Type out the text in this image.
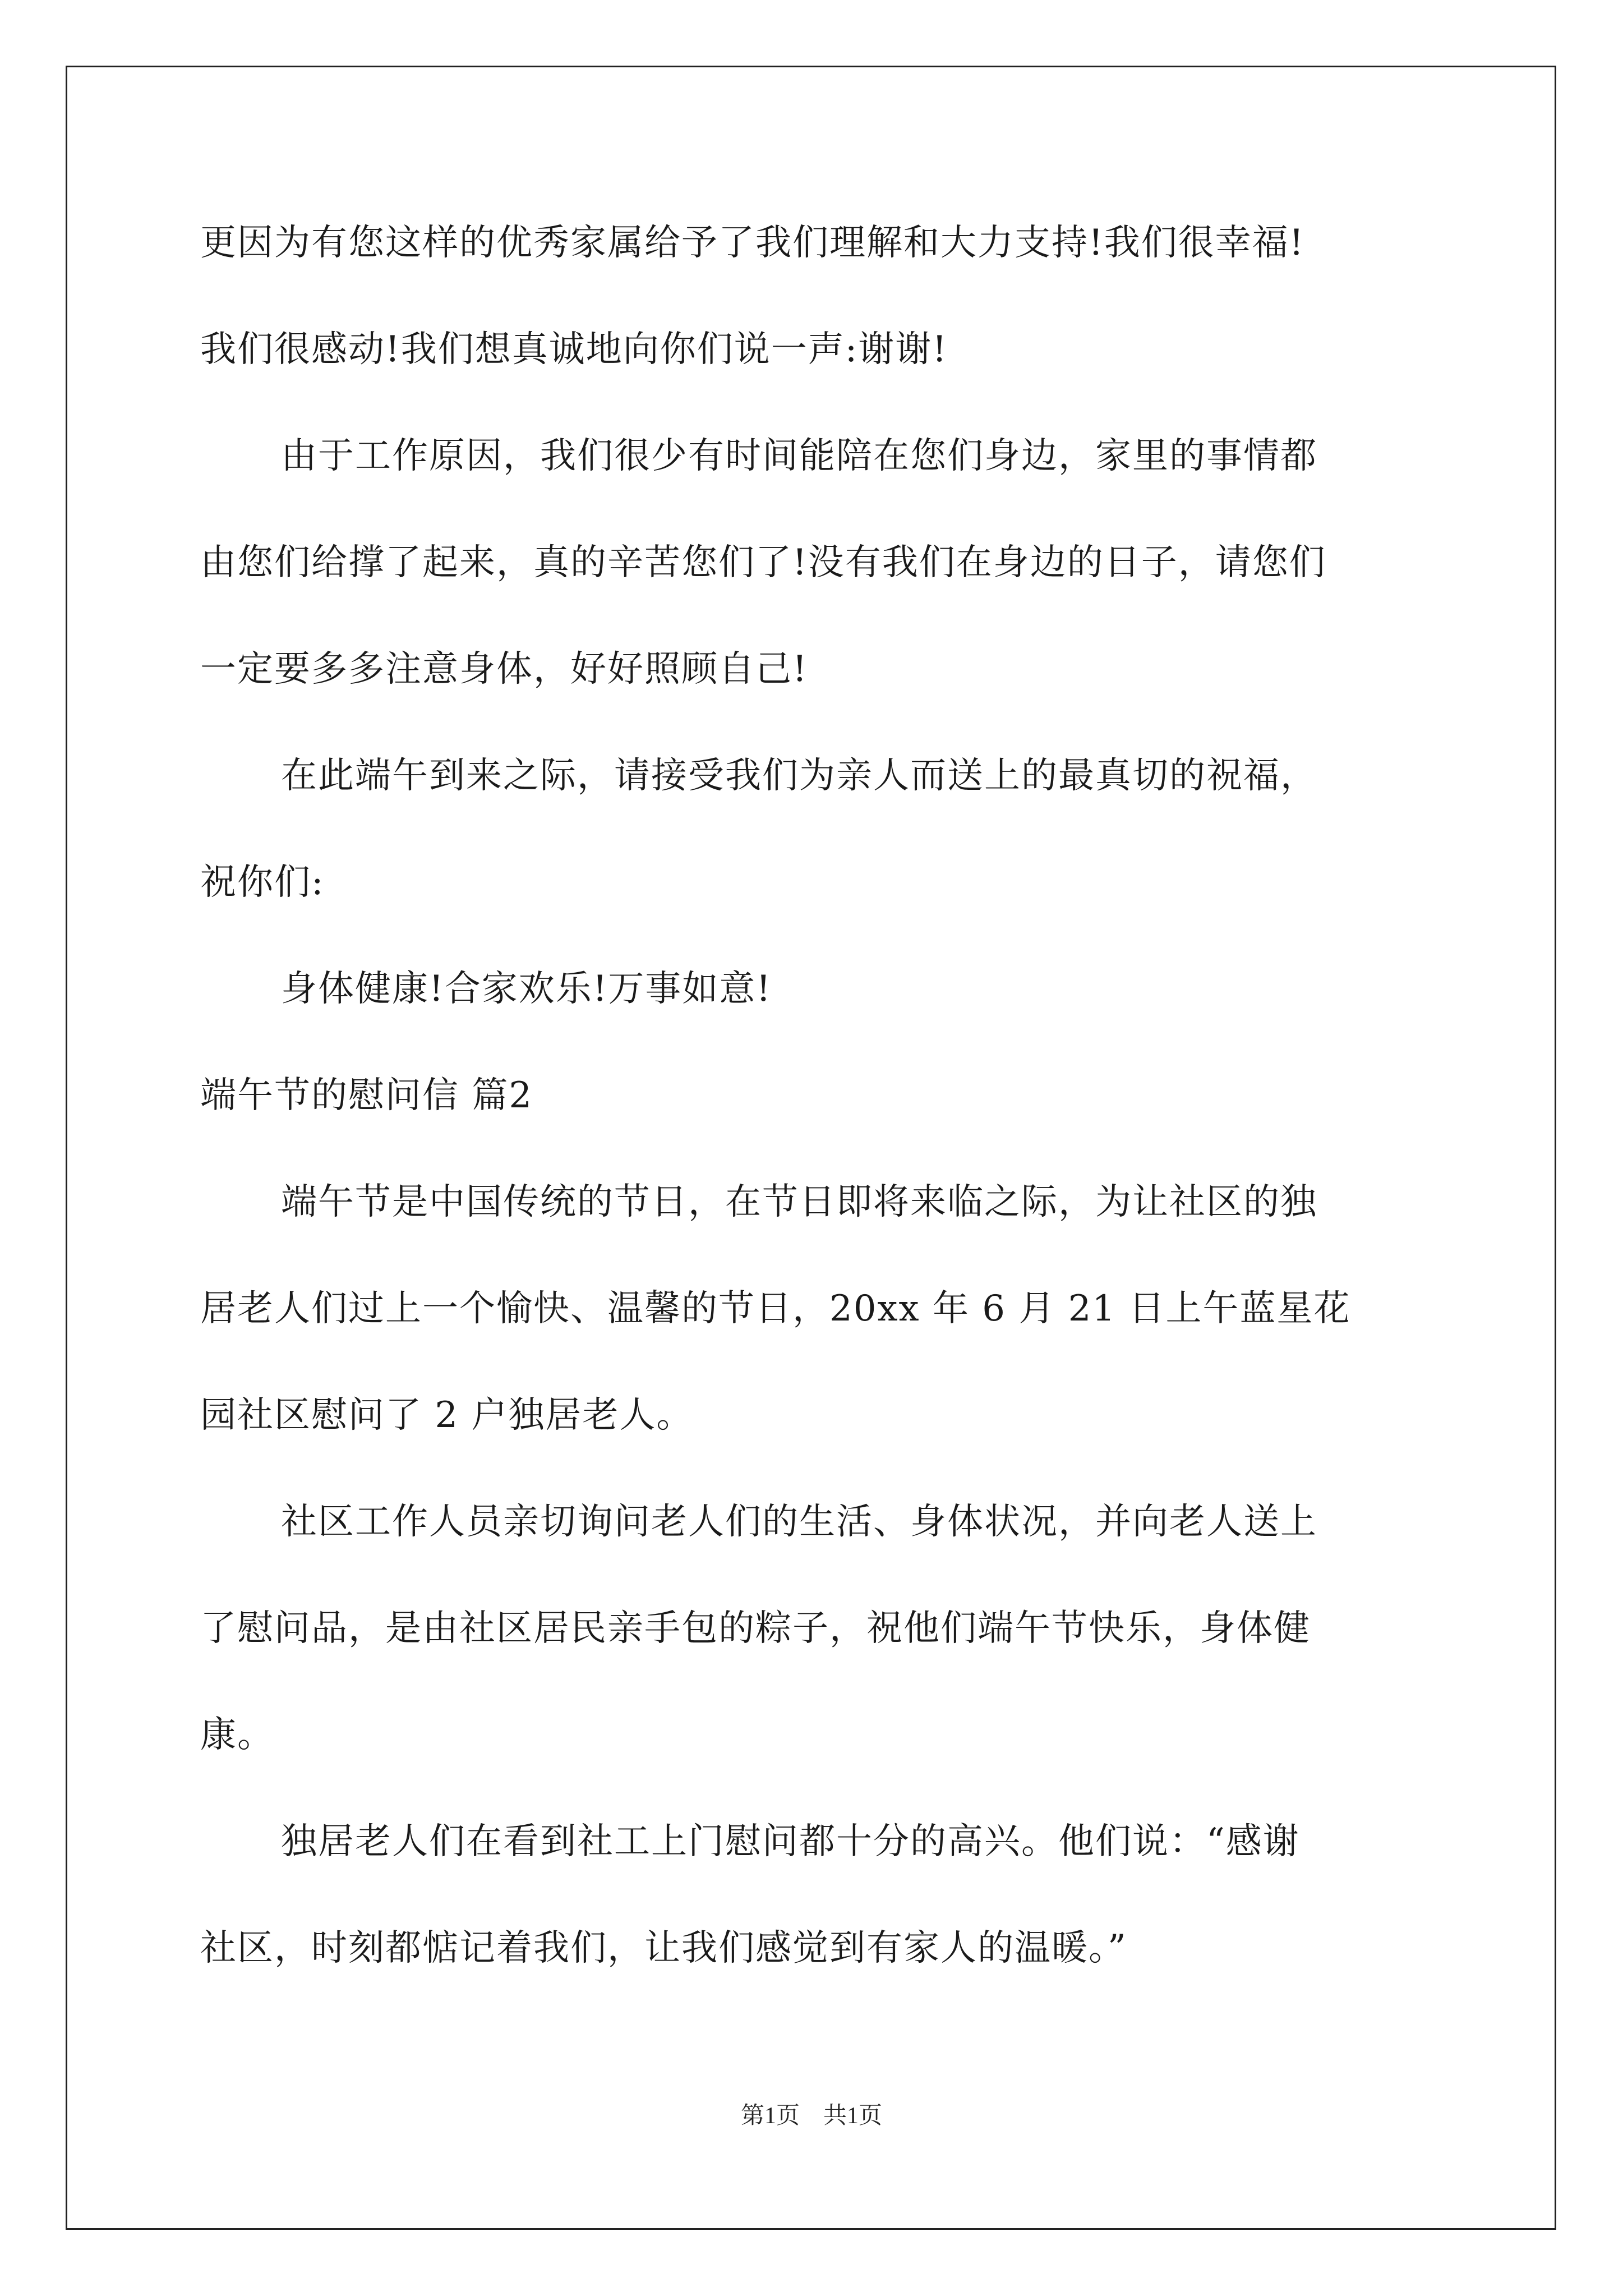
更因为有您这样的优秀家属给予了我们理解和大力支持!我们很幸福!

我们很感动!我们想真诚地向你们说一声:谢谢!

由于工作原因，我们很少有时间能陪在您们身边，家里的事情都

由您们给撑了起来，真的辛苦您们了!没有我们在身边的日子，请您们

一定要多多注意身体，好好照顾自己!

在此端午到来之际，请接受我们为亲人而送上的最真切的祝福，

祝你们:

身体健康!合家欢乐!万事如意!

端午节的慰问信 篇2

端午节是中国传统的节日，在节日即将来临之际，为让社区的独

居老人们过上一个愉快、温馨的节日，20xx 年 6 月 21 日上午蓝星花

园社区慰问了 2 户独居老人。

社区工作人员亲切询问老人们的生活、身体状况，并向老人送上

了慰问品，是由社区居民亲手包的粽子，祝他们端午节快乐，身体健

康。

独居老人们在看到社工上门慰问都十分的高兴。他们说：“感谢

社区，时刻都惦记着我们，让我们感觉到有家人的温暖。”

第1页　共1页
